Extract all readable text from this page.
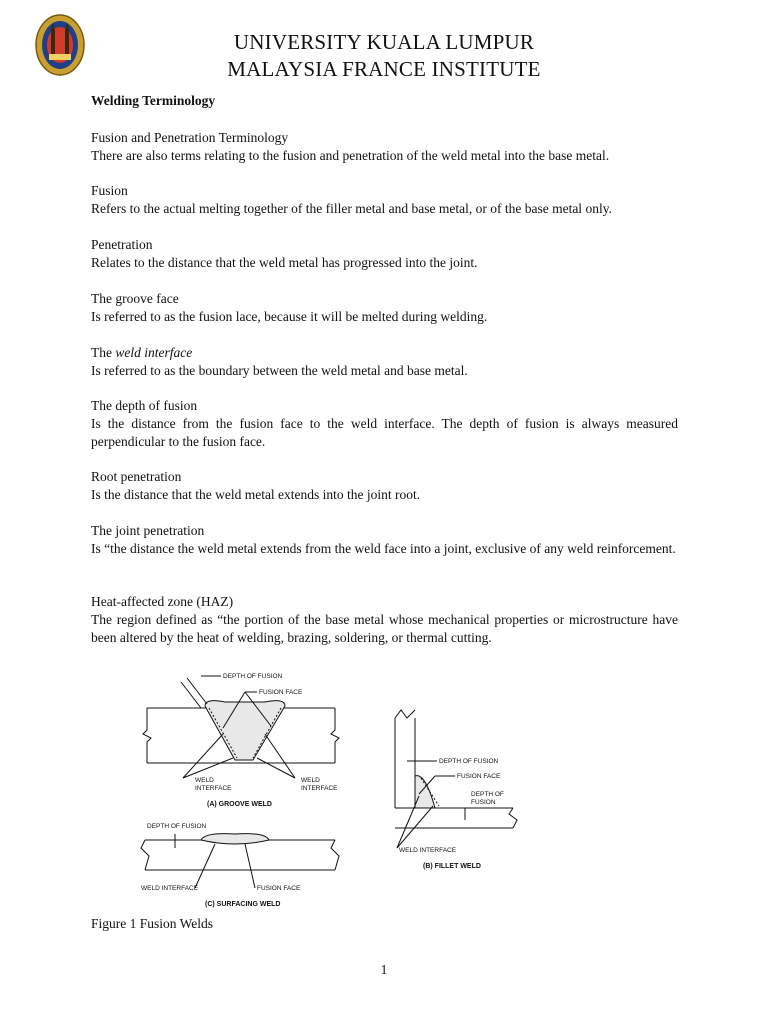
UNIVERSITY KUALA LUMPUR
MALAYSIA FRANCE INSTITUTE
Welding Terminology
Fusion and Penetration Terminology
There are also terms relating to the fusion and penetration of the weld metal into the base metal.
Fusion
Refers to the actual melting together of the filler metal and base metal, or of the base metal only.
Penetration
Relates to the distance that the weld metal has progressed into the joint.
The groove face
Is referred to as the fusion lace, because it will be melted during welding.
The weld interface
Is referred to as the boundary between the weld metal and base metal.
The depth of fusion
Is the distance from the fusion face to the weld interface. The depth of fusion is always measured perpendicular to the fusion face.
Root penetration
Is the distance that the weld metal extends into the joint root.
The joint penetration
Is “the distance the weld metal extends from the weld face into a joint, exclusive of any weld reinforcement.
Heat-affected zone (HAZ)
The region defined as “the portion of the base metal whose mechanical properties or microstructure have been altered by the heat of welding, brazing, soldering, or thermal cutting.
DEPTH OF FUSION
FUSION FACE
WELD
INTERFACE
WELD
INTERFACE
(A) GROOVE WELD
DEPTH OF FUSION
FUSION FACE
DEPTH OF
FUSION
WELD INTERFACE
(B) FILLET WELD
DEPTH OF FUSION
WELD INTERFACE	FUSION FACE
(C) SURFACING WELD
Figure 1 Fusion Welds
1
